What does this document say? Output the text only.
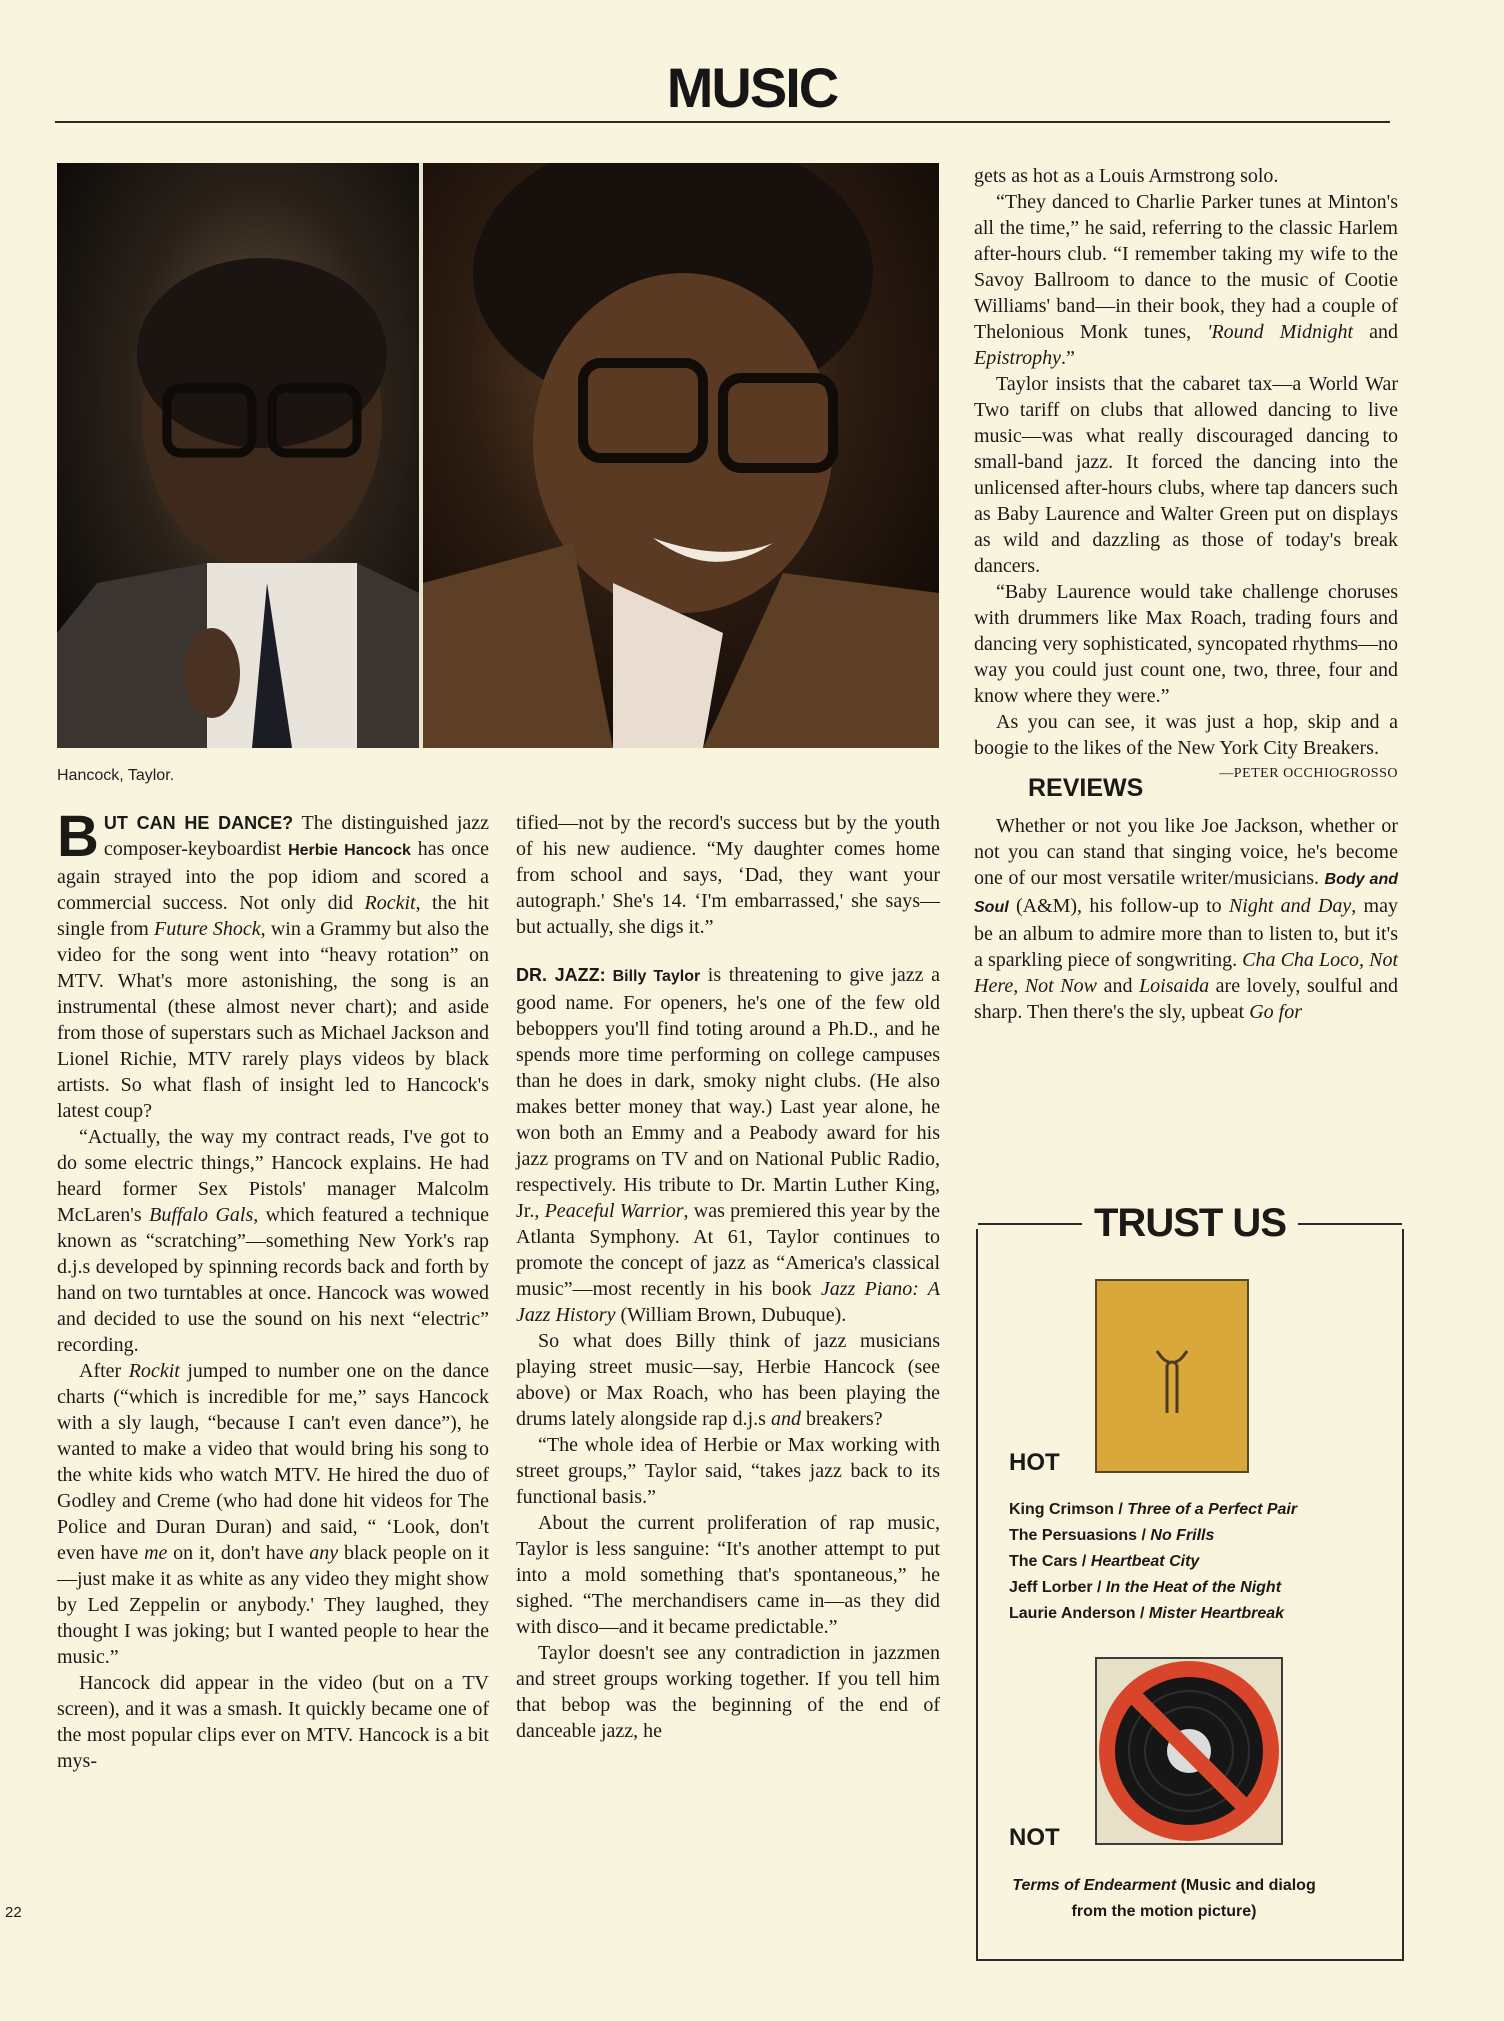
MUSIC
Hancock, Taylor.

BUT CAN HE DANCE? The distinguished jazz composer-keyboardist Herbie Hancock has once again strayed into the pop idiom and scored a commercial success. Not only did Rockit, the hit single from Future Shock, win a Grammy but also the video for the song went into “heavy rotation” on MTV. What's more astonishing, the song is an instrumental (these almost never chart); and aside from those of superstars such as Michael Jackson and Lionel Richie, MTV rarely plays videos by black artists. So what flash of insight led to Hancock's latest coup?

“Actually, the way my contract reads, I've got to do some electric things,” Hancock explains. He had heard former Sex Pistols' manager Malcolm McLaren's Buffalo Gals, which featured a technique known as “scratching”—something New York's rap d.j.s developed by spinning records back and forth by hand on two turntables at once. Hancock was wowed and decided to use the sound on his next “electric” recording.

After Rockit jumped to number one on the dance charts (“which is incredible for me,” says Hancock with a sly laugh, “because I can't even dance”), he wanted to make a video that would bring his song to the white kids who watch MTV. He hired the duo of Godley and Creme (who had done hit videos for The Police and Duran Duran) and said, “ ‘Look, don't even have me on it, don't have any black people on it—just make it as white as any video they might show by Led Zeppelin or anybody.' They laughed, they thought I was joking; but I wanted people to hear the music.”

Hancock did appear in the video (but on a TV screen), and it was a smash. It quickly became one of the most popular clips ever on MTV. Hancock is a bit mys-

tified—not by the record's success but by the youth of his new audience. “My daughter comes home from school and says, ‘Dad, they want your autograph.' She's 14. ‘I'm embarrassed,' she says—but actually, she digs it.”

DR. JAZZ: Billy Taylor is threatening to give jazz a good name. For openers, he's one of the few old beboppers you'll find toting around a Ph.D., and he spends more time performing on college campuses than he does in dark, smoky night clubs. (He also makes better money that way.) Last year alone, he won both an Emmy and a Peabody award for his jazz programs on TV and on National Public Radio, respectively. His tribute to Dr. Martin Luther King, Jr., Peaceful Warrior, was premiered this year by the Atlanta Symphony. At 61, Taylor continues to promote the concept of jazz as “America's classical music”—most recently in his book Jazz Piano: A Jazz History (William Brown, Dubuque).

So what does Billy think of jazz musicians playing street music—say, Herbie Hancock (see above) or Max Roach, who has been playing the drums lately alongside rap d.j.s and breakers?

“The whole idea of Herbie or Max working with street groups,” Taylor said, “takes jazz back to its functional basis.”

About the current proliferation of rap music, Taylor is less sanguine: “It's another attempt to put into a mold something that's spontaneous,” he sighed. “The merchandisers came in—as they did with disco—and it became predictable.”

Taylor doesn't see any contradiction in jazzmen and street groups working together. If you tell him that bebop was the beginning of the end of danceable jazz, he

gets as hot as a Louis Armstrong solo.

“They danced to Charlie Parker tunes at Minton's all the time,” he said, referring to the classic Harlem after-hours club. “I remember taking my wife to the Savoy Ballroom to dance to the music of Cootie Williams' band—in their book, they had a couple of Thelonious Monk tunes, 'Round Midnight and Epistrophy.”

Taylor insists that the cabaret tax—a World War Two tariff on clubs that allowed dancing to live music—was what really discouraged dancing to small-band jazz. It forced the dancing into the unlicensed after-hours clubs, where tap dancers such as Baby Laurence and Walter Green put on displays as wild and dazzling as those of today's break dancers.

“Baby Laurence would take challenge choruses with drummers like Max Roach, trading fours and dancing very sophisticated, syncopated rhythms—no way you could just count one, two, three, four and know where they were.”

As you can see, it was just a hop, skip and a boogie to the likes of the New York City Breakers.
—PETER OCCHIOGROSSO

REVIEWS

Whether or not you like Joe Jackson, whether or not you can stand that singing voice, he's become one of our most versatile writer/musicians. Body and Soul (A&M), his follow-up to Night and Day, may be an album to admire more than to listen to, but it's a sparkling piece of songwriting. Cha Cha Loco, Not Here, Not Now and Loisaida are lovely, soulful and sharp. Then there's the sly, upbeat Go for

TRUST US
HOT
King Crimson / Three of a Perfect Pair
The Persuasions / No Frills
The Cars / Heartbeat City
Jeff Lorber / In the Heat of the Night
Laurie Anderson / Mister Heartbreak
NOT
Terms of Endearment (Music and dialog from the motion picture)
22
